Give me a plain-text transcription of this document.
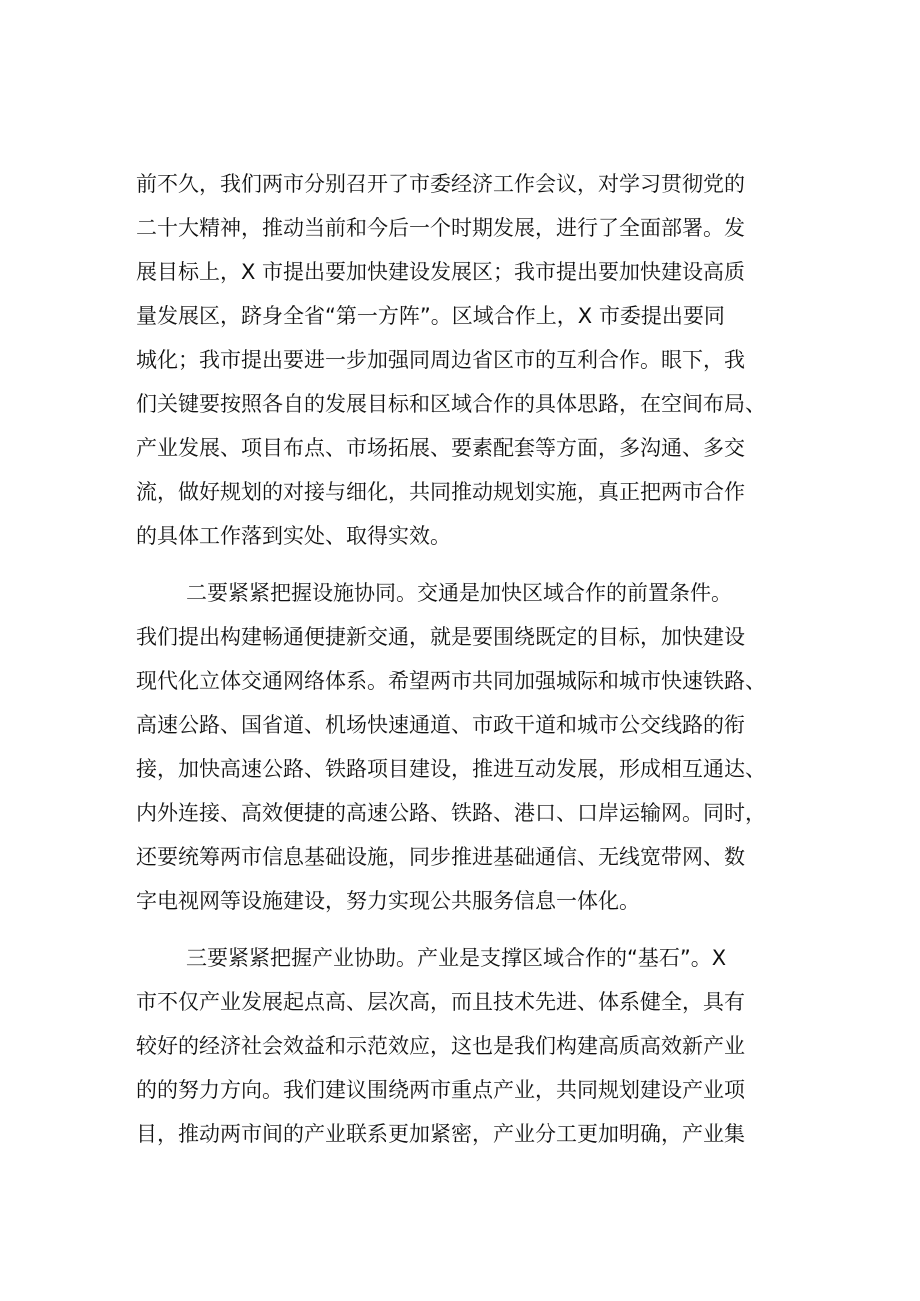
前不久，我们两市分别召开了市委经济工作会议，对学习贯彻党的
二十大精神，推动当前和今后一个时期发展，进行了全面部署。发
展目标上，X 市提出要加快建设发展区；我市提出要加快建设高质
量发展区，跻身全省“第一方阵”。区域合作上，X 市委提出要同
城化；我市提出要进一步加强同周边省区市的互利合作。眼下，我
们关键要按照各自的发展目标和区域合作的具体思路，在空间布局、
产业发展、项目布点、市场拓展、要素配套等方面，多沟通、多交
流，做好规划的对接与细化，共同推动规划实施，真正把两市合作
的具体工作落到实处、取得实效。
二要紧紧把握设施协同。交通是加快区域合作的前置条件。
我们提出构建畅通便捷新交通，就是要围绕既定的目标，加快建设
现代化立体交通网络体系。希望两市共同加强城际和城市快速铁路、
高速公路、国省道、机场快速通道、市政干道和城市公交线路的衔
接，加快高速公路、铁路项目建设，推进互动发展，形成相互通达、
内外连接、高效便捷的高速公路、铁路、港口、口岸运输网。同时，
还要统筹两市信息基础设施，同步推进基础通信、无线宽带网、数
字电视网等设施建设，努力实现公共服务信息一体化。
三要紧紧把握产业协助。产业是支撑区域合作的“基石”。X
市不仅产业发展起点高、层次高，而且技术先进、体系健全，具有
较好的经济社会效益和示范效应，这也是我们构建高质高效新产业
的的努力方向。我们建议围绕两市重点产业，共同规划建设产业项
目，推动两市间的产业联系更加紧密，产业分工更加明确，产业集
